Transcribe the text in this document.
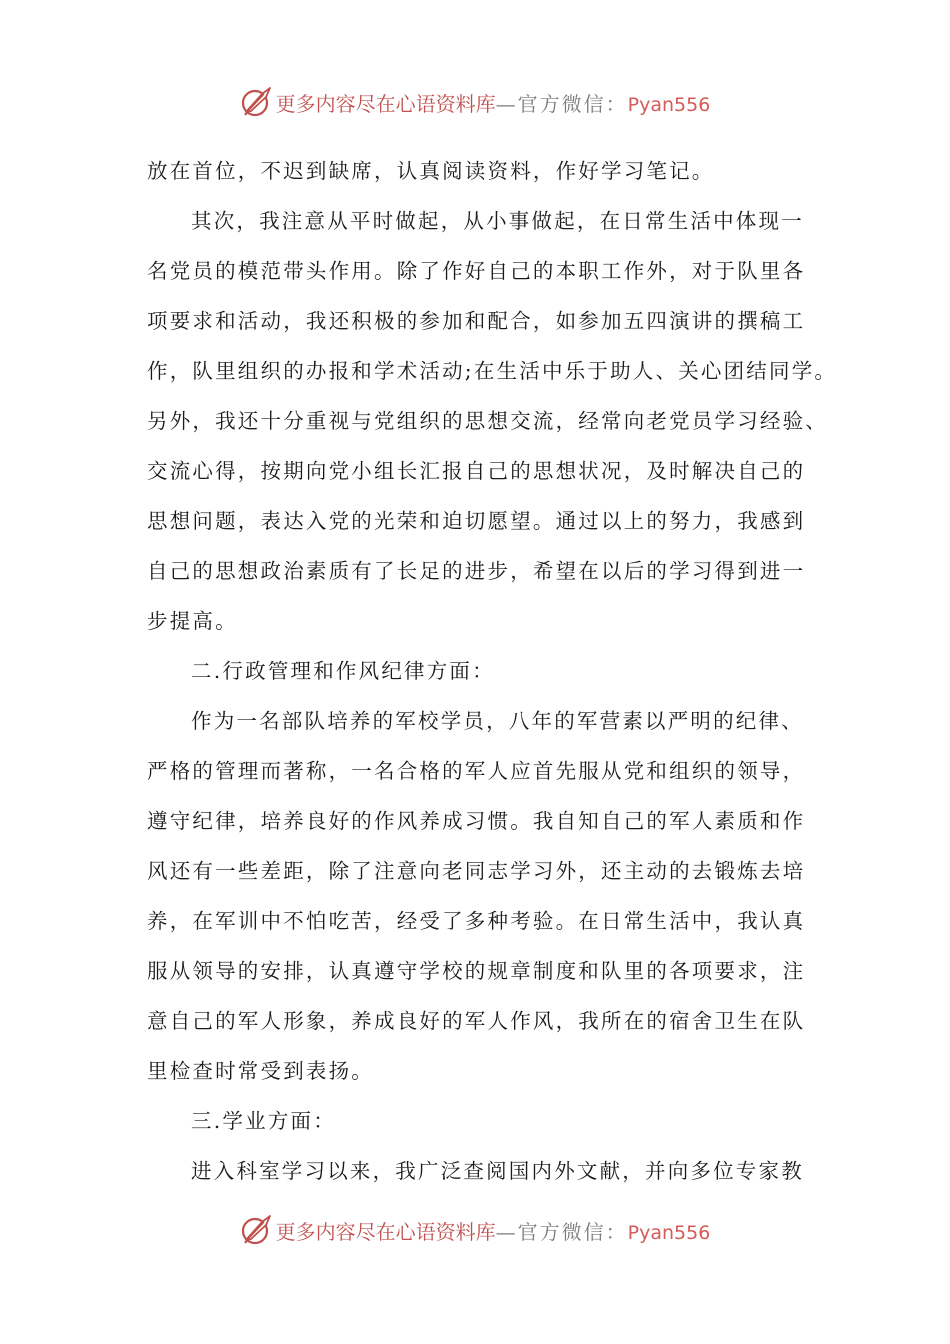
更多内容尽在心语资料库—官方微信：Pyan556
放在首位，不迟到缺席，认真阅读资料，作好学习笔记。
其次，我注意从平时做起，从小事做起，在日常生活中体现一
名党员的模范带头作用。除了作好自己的本职工作外，对于队里各
项要求和活动，我还积极的参加和配合，如参加五四演讲的撰稿工
作，队里组织的办报和学术活动;在生活中乐于助人、关心团结同学。
另外，我还十分重视与党组织的思想交流，经常向老党员学习经验、
交流心得，按期向党小组长汇报自己的思想状况，及时解决自己的
思想问题，表达入党的光荣和迫切愿望。通过以上的努力，我感到
自己的思想政治素质有了长足的进步，希望在以后的学习得到进一
步提高。
二.行政管理和作风纪律方面：
作为一名部队培养的军校学员，八年的军营素以严明的纪律、
严格的管理而著称，一名合格的军人应首先服从党和组织的领导，
遵守纪律，培养良好的作风养成习惯。我自知自己的军人素质和作
风还有一些差距，除了注意向老同志学习外，还主动的去锻炼去培
养，在军训中不怕吃苦，经受了多种考验。在日常生活中，我认真
服从领导的安排，认真遵守学校的规章制度和队里的各项要求，注
意自己的军人形象，养成良好的军人作风，我所在的宿舍卫生在队
里检查时常受到表扬。
三.学业方面：
进入科室学习以来，我广泛查阅国内外文献，并向多位专家教
更多内容尽在心语资料库—官方微信：Pyan556
